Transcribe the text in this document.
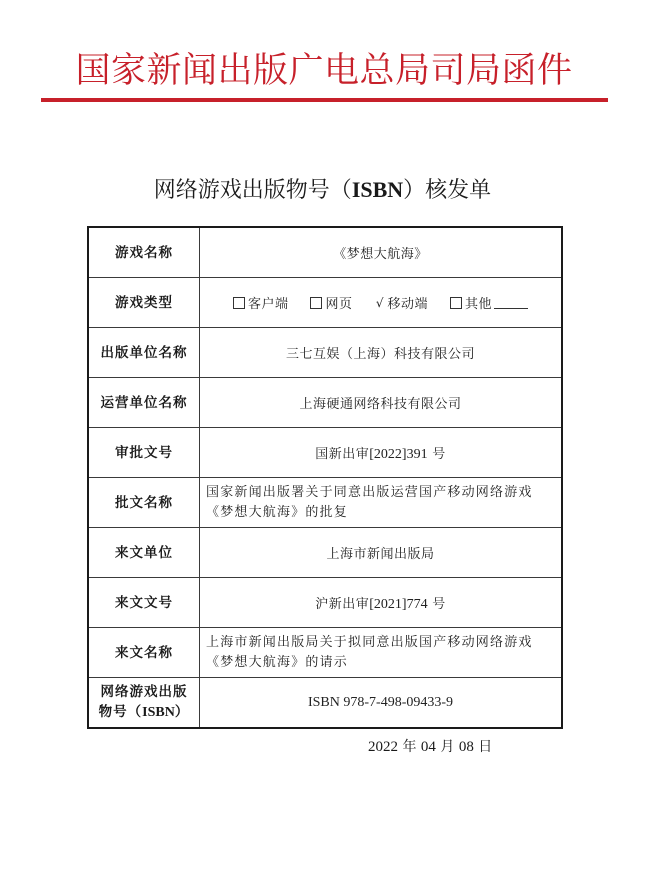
国家新闻出版广电总局司局函件
网络游戏出版物号（ISBN）核发单
游戏名称	《梦想大航海》
游戏类型	客户端 网页 √ 移动端 其他

出版单位名称	三七互娱（上海）科技有限公司
运营单位名称	上海硬通网络科技有限公司
审批文号	国新出审[2022]391 号
批文名称	国家新闻出版署关于同意出版运营国产移动网络游戏《梦想大航海》的批复
来文单位	上海市新闻出版局
来文文号	沪新出审[2021]774 号
来文名称	上海市新闻出版局关于拟同意出版国产移动网络游戏《梦想大航海》的请示

网络游戏出版
物号（ISBN）	ISBN 978-7-498-09433-9
2022 年 04 月 08 日
